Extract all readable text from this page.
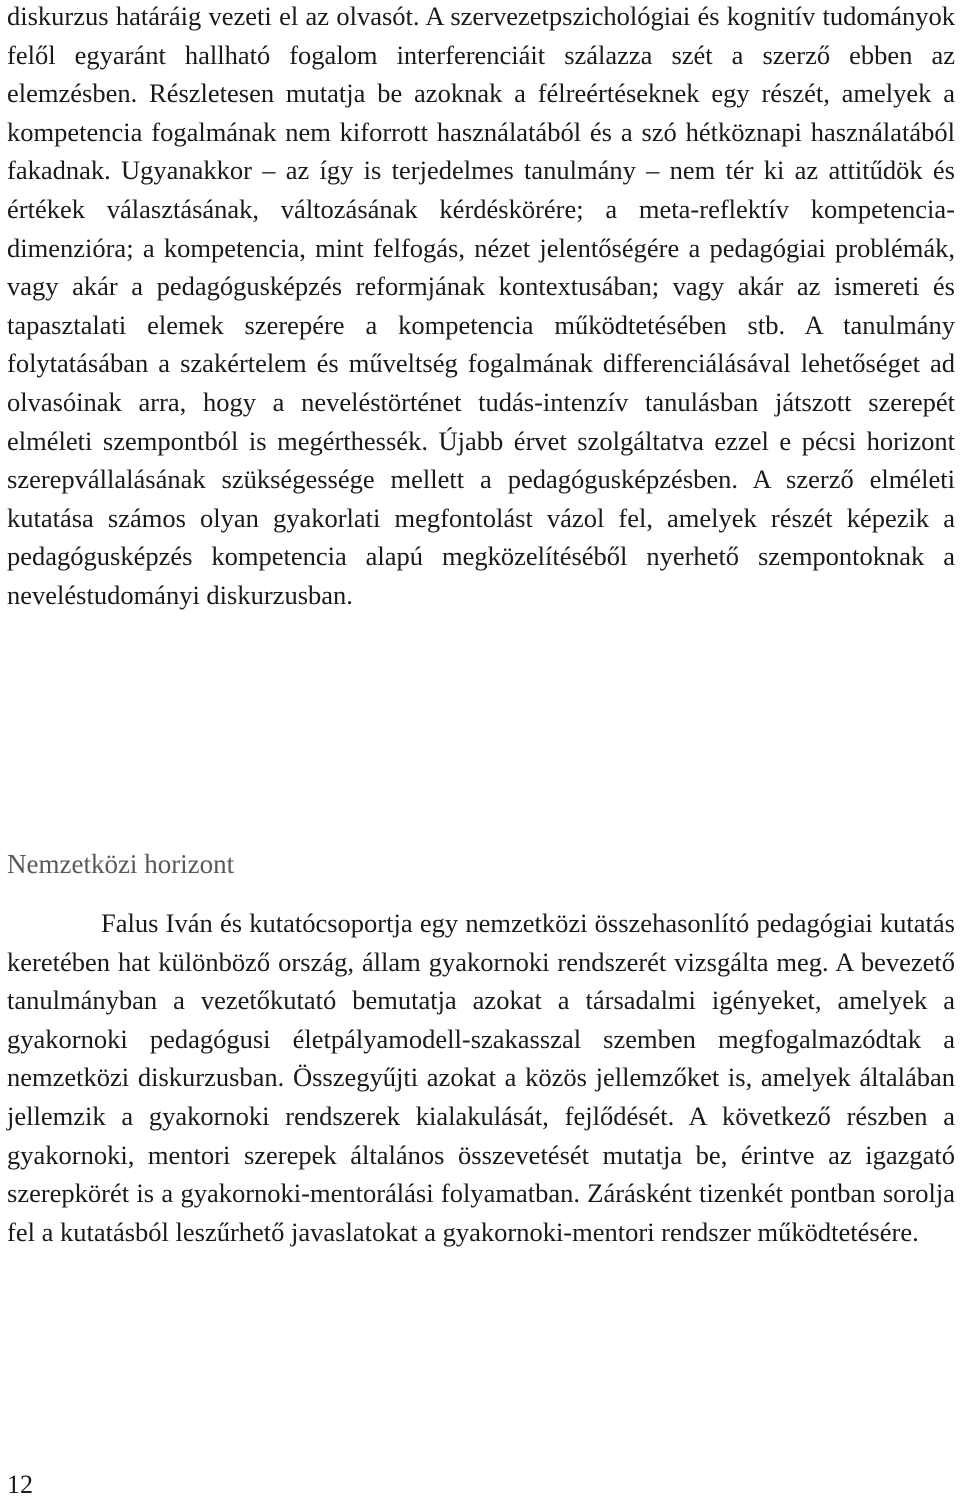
diskurzus határáig vezeti el az olvasót. A szervezetpszichológiai és kognitív tudományok felől egyaránt hallható fogalom interferenciáit szálazza szét a szerző ebben az elemzésben. Részletesen mutatja be azoknak a félreértéseknek egy részét, amelyek a kompetencia fogalmának nem kiforrott használatából és a szó hétköznapi használatából fakadnak. Ugyanakkor – az így is terjedelmes tanulmány – nem tér ki az attitűdök és értékek választásának, változásának kérdéskörére; a meta-reflektív kompetencia-dimenzióra; a kompetencia, mint felfogás, nézet jelentőségére a pedagógiai problémák, vagy akár a pedagógusképzés reformjának kontextusában; vagy akár az ismereti és tapasztalati elemek szerepére a kompetencia működtetésében stb. A tanulmány folytatásában a szakértelem és műveltség fogalmának differenciálásával lehetőséget ad olvasóinak arra, hogy a neveléstörténet tudás-intenzív tanulásban játszott szerepét elméleti szempontból is megérthessék. Újabb érvet szolgáltatva ezzel e pécsi horizont szerepvállalásának szükségessége mellett a pedagógusképzésben. A szerző elméleti kutatása számos olyan gyakorlati megfontolást vázol fel, amelyek részét képezik a pedagógusképzés kompetencia alapú megközelítéséből nyerhető szempontoknak a neveléstudományi diskurzusban.

Nemzetközi horizont

Falus Iván és kutatócsoportja egy nemzetközi összehasonlító pedagógiai kutatás keretében hat különböző ország, állam gyakornoki rendszerét vizsgálta meg. A bevezető tanulmányban a vezetőkutató bemutatja azokat a társadalmi igényeket, amelyek a gyakornoki pedagógusi életpályamodell-szakasszal szemben megfogalmazódtak a nemzetközi diskurzusban. Összegyűjti azokat a közös jellemzőket is, amelyek általában jellemzik a gyakornoki rendszerek kialakulását, fejlődését. A következő részben a gyakornoki, mentori szerepek általános összevetését mutatja be, érintve az igazgató szerepkörét is a gyakornoki-mentorálási folyamatban. Zárásként tizenkét pontban sorolja fel a kutatásból leszűrhető javaslatokat a gyakornoki-mentori rendszer működtetésére.

12
